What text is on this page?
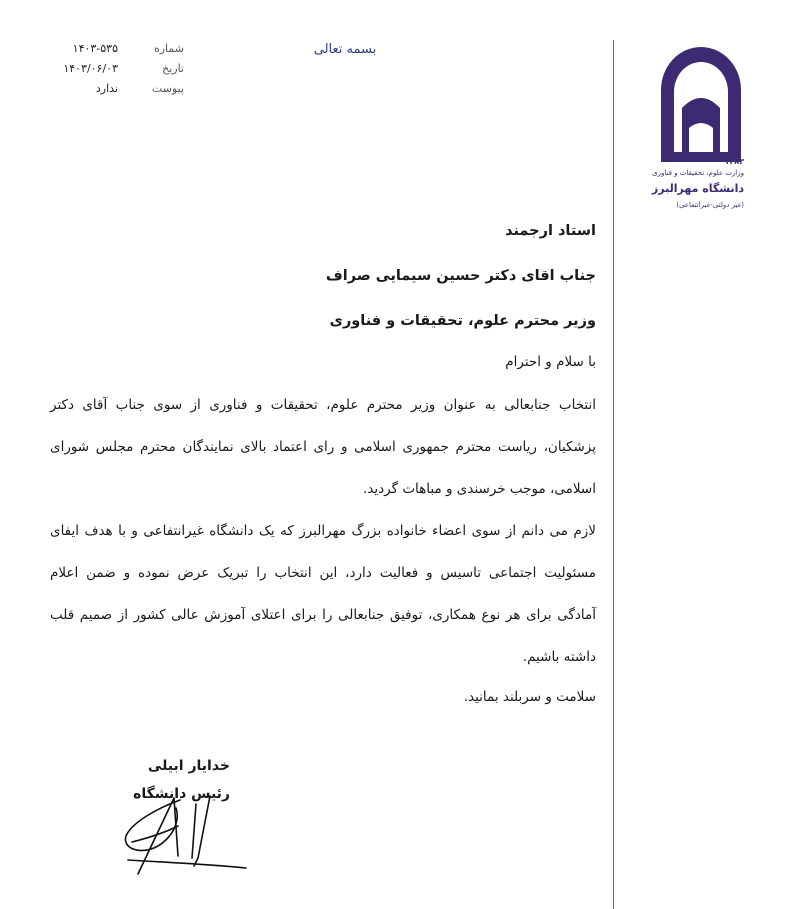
۱۳۸۳
وزارت علوم، تحقیقات و فناوری
دانشگاه مهرالبرز
(غیر دولتی-غیرانتفاعی)
بسمه تعالی
شماره
۱۴۰۳-۵۳۵
تاریخ
۱۴۰۳/۰۶/۰۳
پیوست
ندارد
استاد ارجمند
جناب اقای دکتر حسین سیمایی صراف
وزیر محترم علوم، تحقیقات و فناوری
با سلام و احترام
انتخاب جنابعالی به عنوان وزیر محترم علوم، تحقیقات و فناوری از سوی جناب آقای دکتر
پزشکیان، ریاست محترم جمهوری اسلامی و رای اعتماد بالای نمایندگان محترم مجلس شورای
اسلامی، موجب خرسندی و مباهات گردید.
لازم می دانم از سوی اعضاء خانواده بزرگ مهرالبرز که یک دانشگاه غیرانتفاعی و با هدف ایفای
مسئولیت اجتماعی تاسیس و فعالیت دارد، این انتخاب را تبریک عرض نموده و ضمن اعلام
آمادگی برای هر نوع همکاری، توفیق جنابعالی را برای اعتلای آموزش عالی کشور از صمیم قلب
داشته باشیم.
سلامت و سربلند بمانید.
خدایار ابیلی
رئیس دانشگاه
